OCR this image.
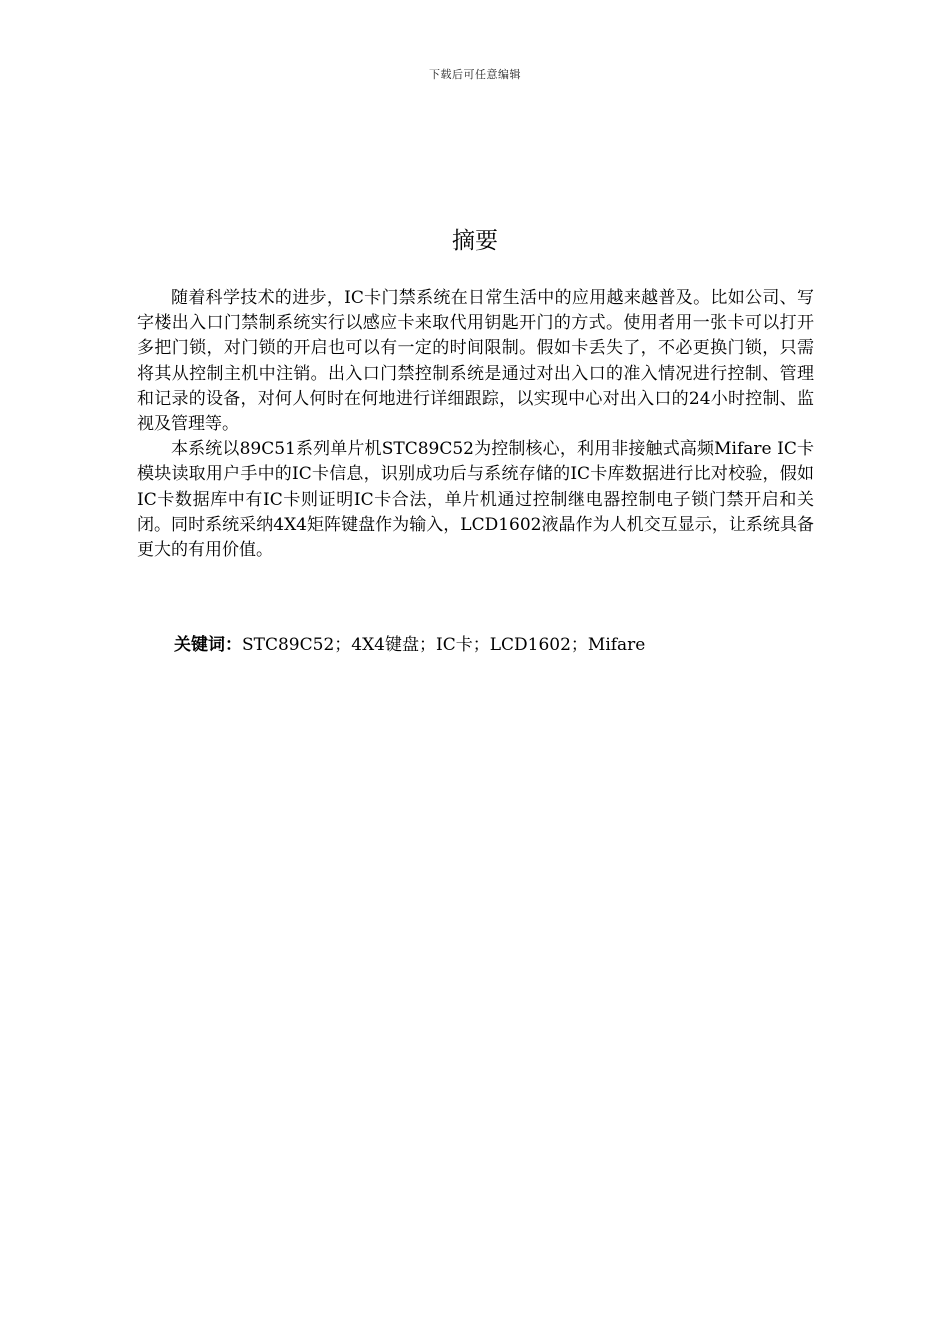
下载后可任意编辑
摘要

随着科学技术的进步，IC卡门禁系统在日常生活中的应用越来越普及。比如公司、写字楼出入口门禁制系统实行以感应卡来取代用钥匙开门的方式。使用者用一张卡可以打开多把门锁，对门锁的开启也可以有一定的时间限制。假如卡丢失了，不必更换门锁，只需将其从控制主机中注销。出入口门禁控制系统是通过对出入口的准入情况进行控制、管理和记录的设备，对何人何时在何地进行详细跟踪，以实现中心对出入口的24小时控制、监视及管理等。

本系统以89C51系列单片机STC89C52为控制核心，利用非接触式高频Mifare IC卡模块读取用户手中的IC卡信息，识别成功后与系统存储的IC卡库数据进行比对校验，假如IC卡数据库中有IC卡则证明IC卡合法，单片机通过控制继电器控制电子锁门禁开启和关闭。同时系统采纳4X4矩阵键盘作为输入，LCD1602液晶作为人机交互显示，让系统具备更大的有用价值。

关键词：STC89C52；4X4键盘；IC卡；LCD1602；Mifare
